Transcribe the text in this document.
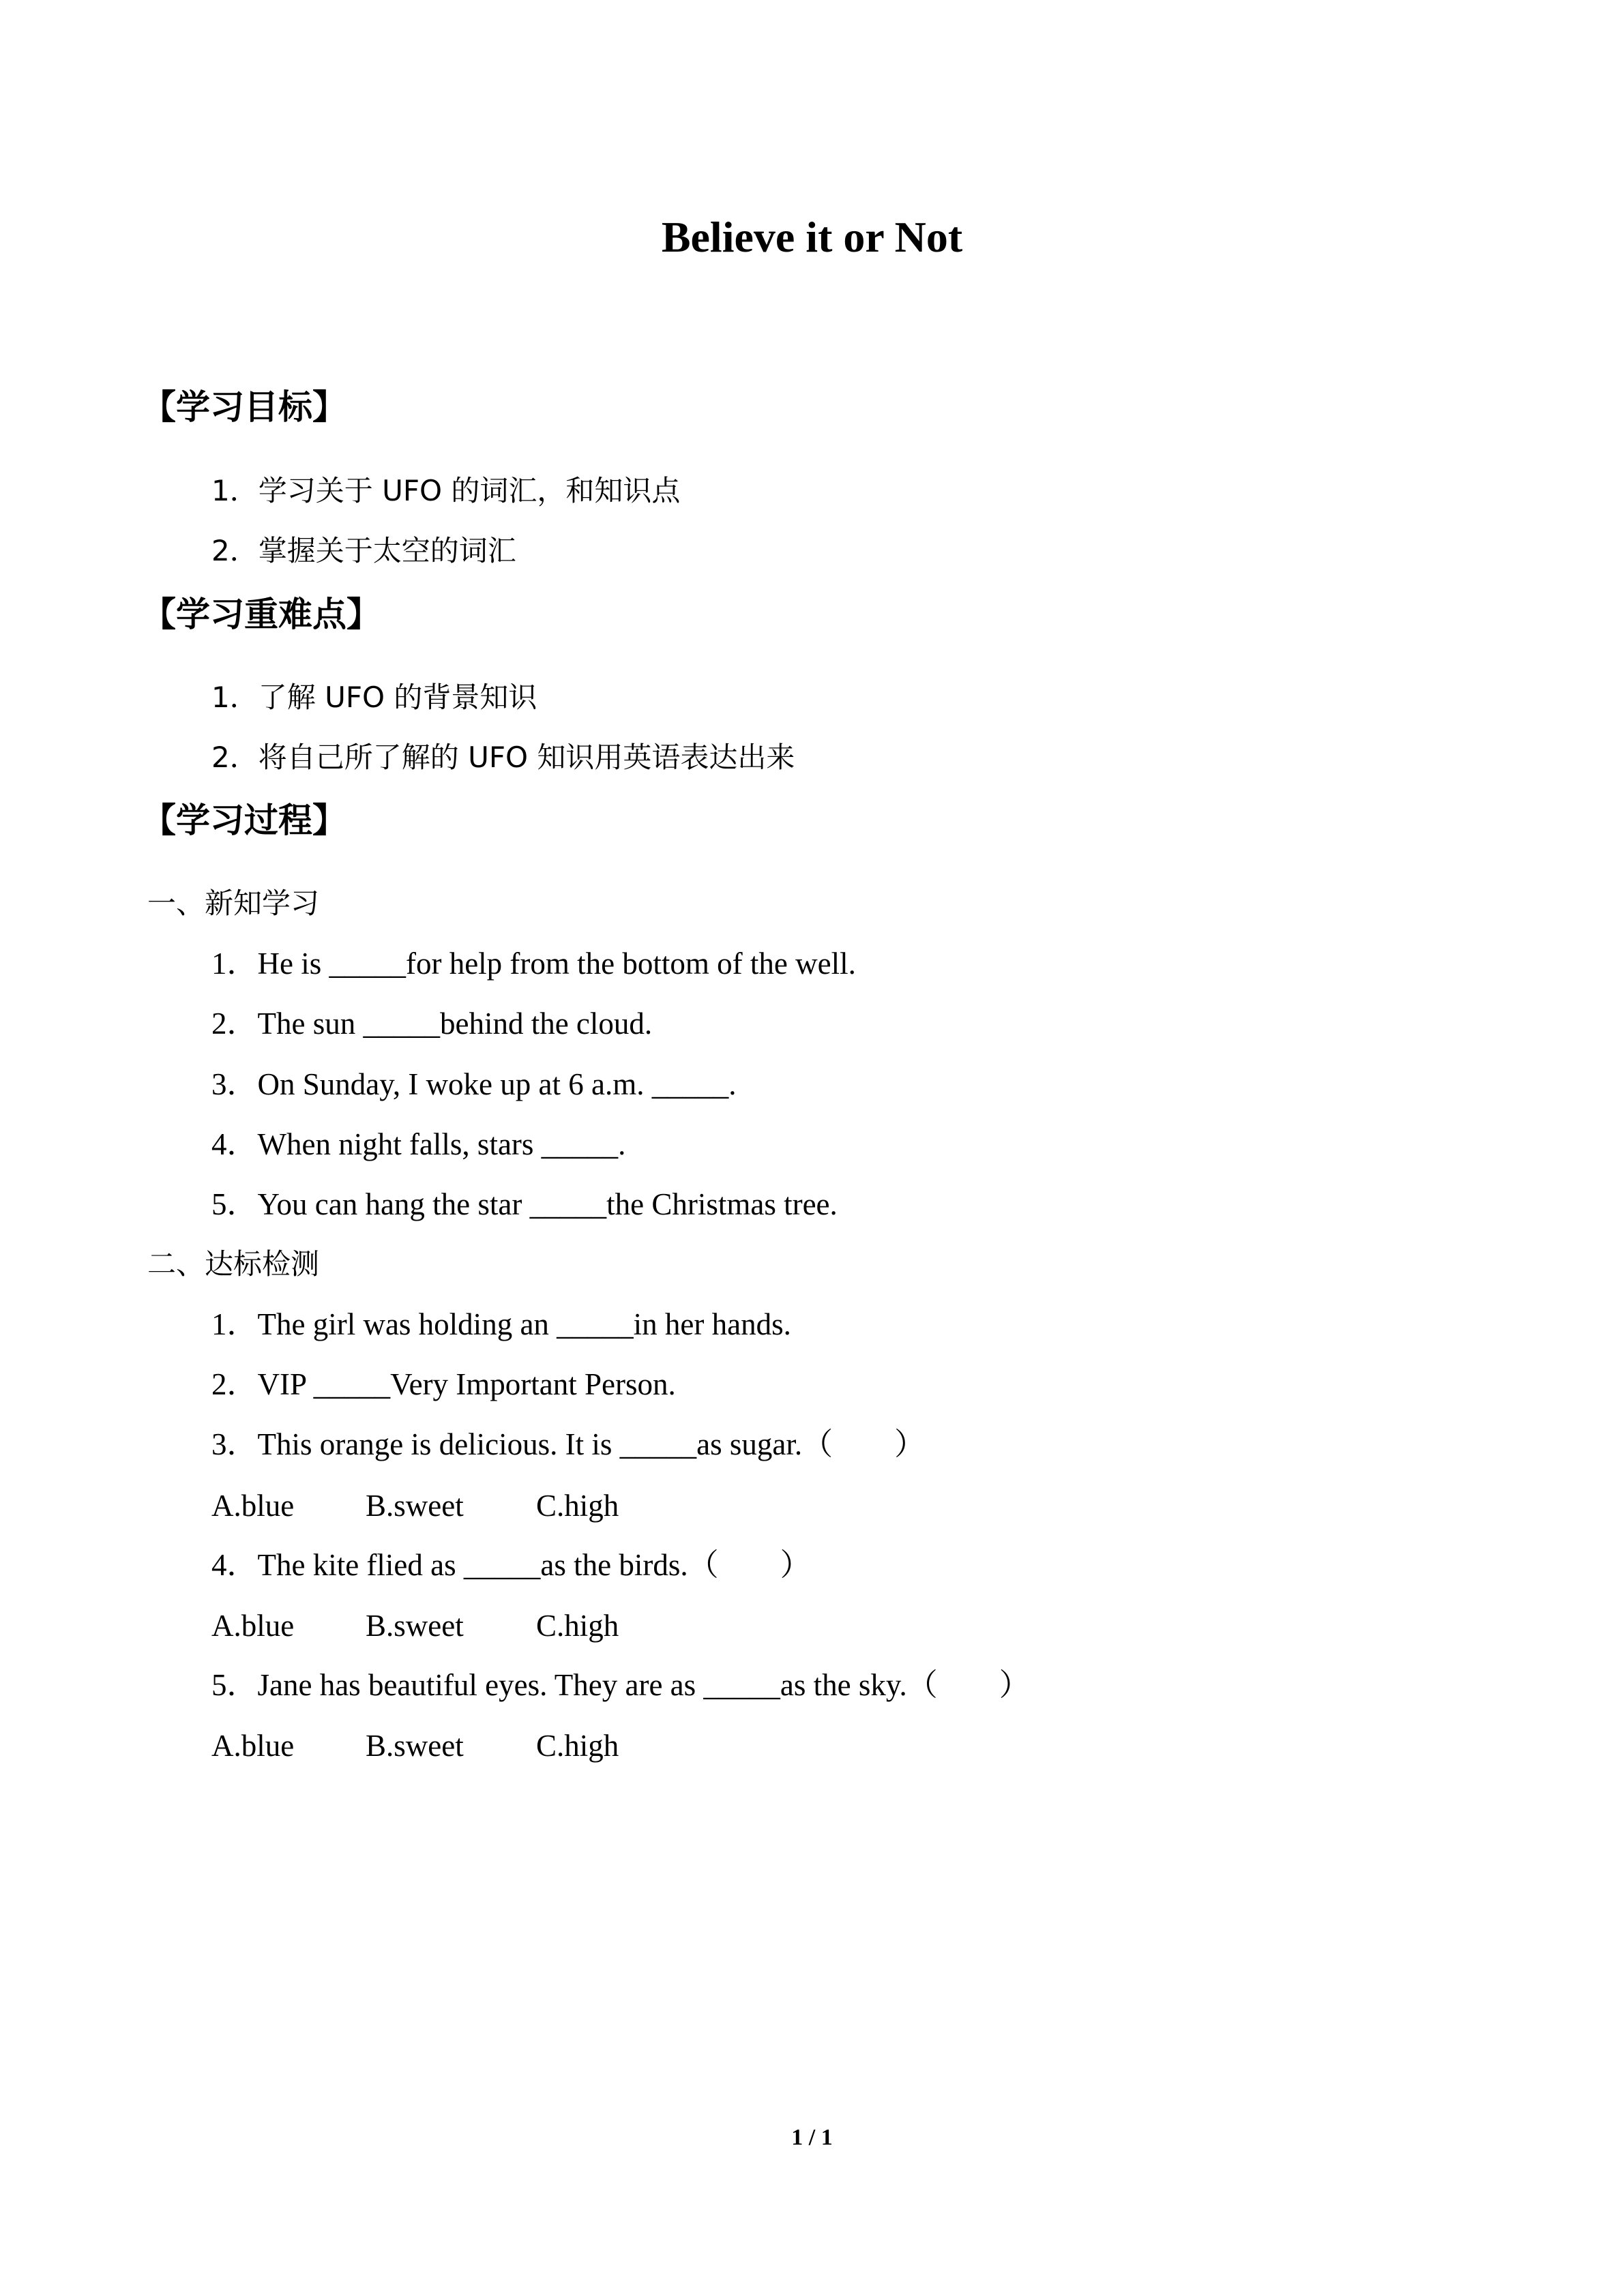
Believe it or Not
【学习目标】
1．学习关于 UFO 的词汇，和知识点
2．掌握关于太空的词汇
【学习重难点】
1．了解 UFO 的背景知识
2．将自己所了解的 UFO 知识用英语表达出来
【学习过程】
一、新知学习
1．He is _____for help from the bottom of the well.
2．The sun _____behind the cloud.
3．On Sunday, I woke up at 6 a.m. _____.
4．When night falls, stars _____.
5．You can hang the star _____the Christmas tree.
二、达标检测
1．The girl was holding an _____in her hands.
2．VIP _____Very Important Person.
3．This orange is delicious. It is _____as sugar.（　　）
A.blue B.sweet C.high
4．The kite flied as _____as the birds.（　　）
A.blue B.sweet C.high
5．Jane has beautiful eyes. They are as _____as the sky.（　　）
A.blue B.sweet C.high
1 / 1
